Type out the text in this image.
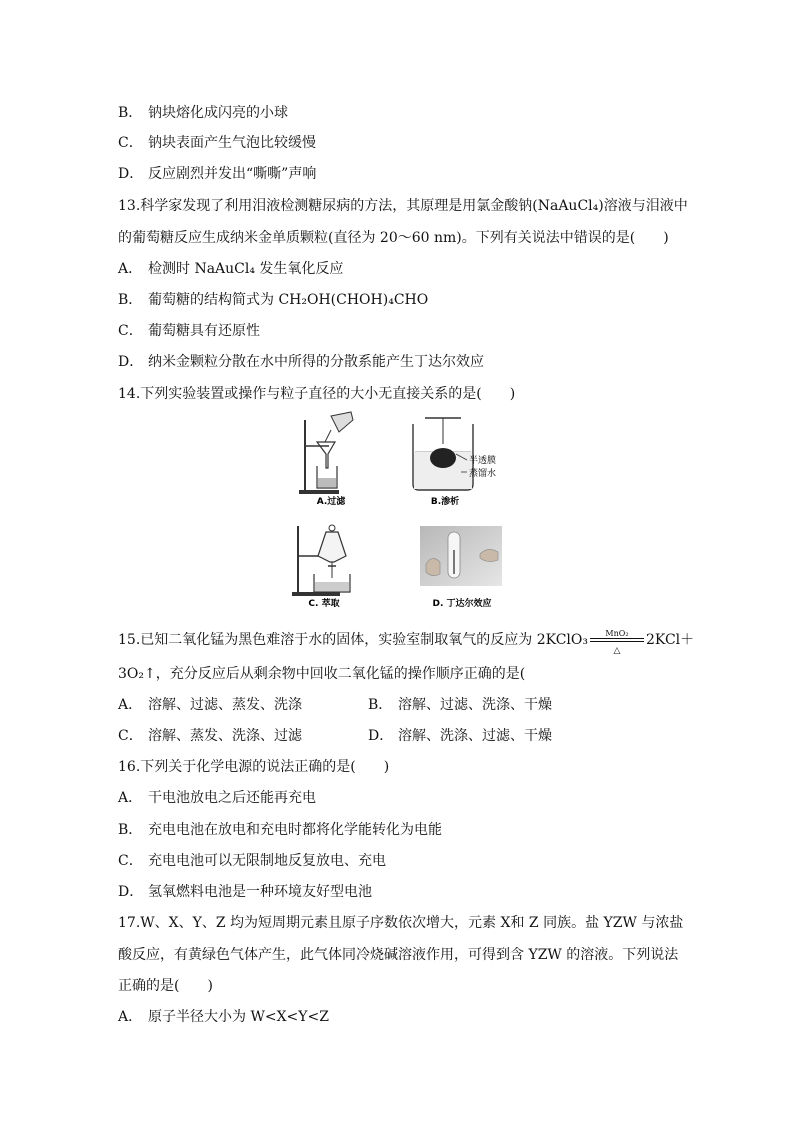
B． 钠块熔化成闪亮的小球
C． 钠块表面产生气泡比较缓慢
D． 反应剧烈并发出“嘶嘶”声响
13.科学家发现了利用泪液检测糖尿病的方法，其原理是用氯金酸钠(NaAuCl₄)溶液与泪液中
的葡萄糖反应生成纳米金单质颗粒(直径为 20～60 nm)。下列有关说法中错误的是(　　)
A． 检测时 NaAuCl₄ 发生氧化反应
B． 葡萄糖的结构简式为 CH₂OH(CHOH)₄CHO
C． 葡萄糖具有还原性
D． 纳米金颗粒分散在水中所得的分散系能产生丁达尔效应
14.下列实验装置或操作与粒子直径的大小无直接关系的是(　　)
A.过滤
半透膜
蒸馏水
B.渗析
C. 萃取	D. 丁达尔效应
15.已知二氧化锰为黑色难溶于水的固体，实验室制取氧气的反应为 2KClO₃ $\frac{\text{MnO₂}}{\triangle} 2KCl+$
3O₂↑，充分反应后从剩余物中回收二氧化锰的操作顺序正确的是(
A． 溶解、过滤、蒸发、洗涤	B． 溶解、过滤、洗涤、干燥
C． 溶解、蒸发、洗涤、过滤	D． 溶解、洗涤、过滤、干燥
16.下列关于化学电源的说法正确的是(　　)
A． 干电池放电之后还能再充电
B． 充电电池在放电和充电时都将化学能转化为电能
C． 充电电池可以无限制地反复放电、充电
D． 氢氧燃料电池是一种环境友好型电池
17.W、X、Y、Z 均为短周期元素且原子序数依次增大，元素 X和 Z 同族。盐 YZW 与浓盐
酸反应，有黄绿色气体产生，此气体同冷烧碱溶液作用，可得到含 YZW 的溶液。下列说法
正确的是(　　)
A． 原子半径大小为 W<X<Y<Z
